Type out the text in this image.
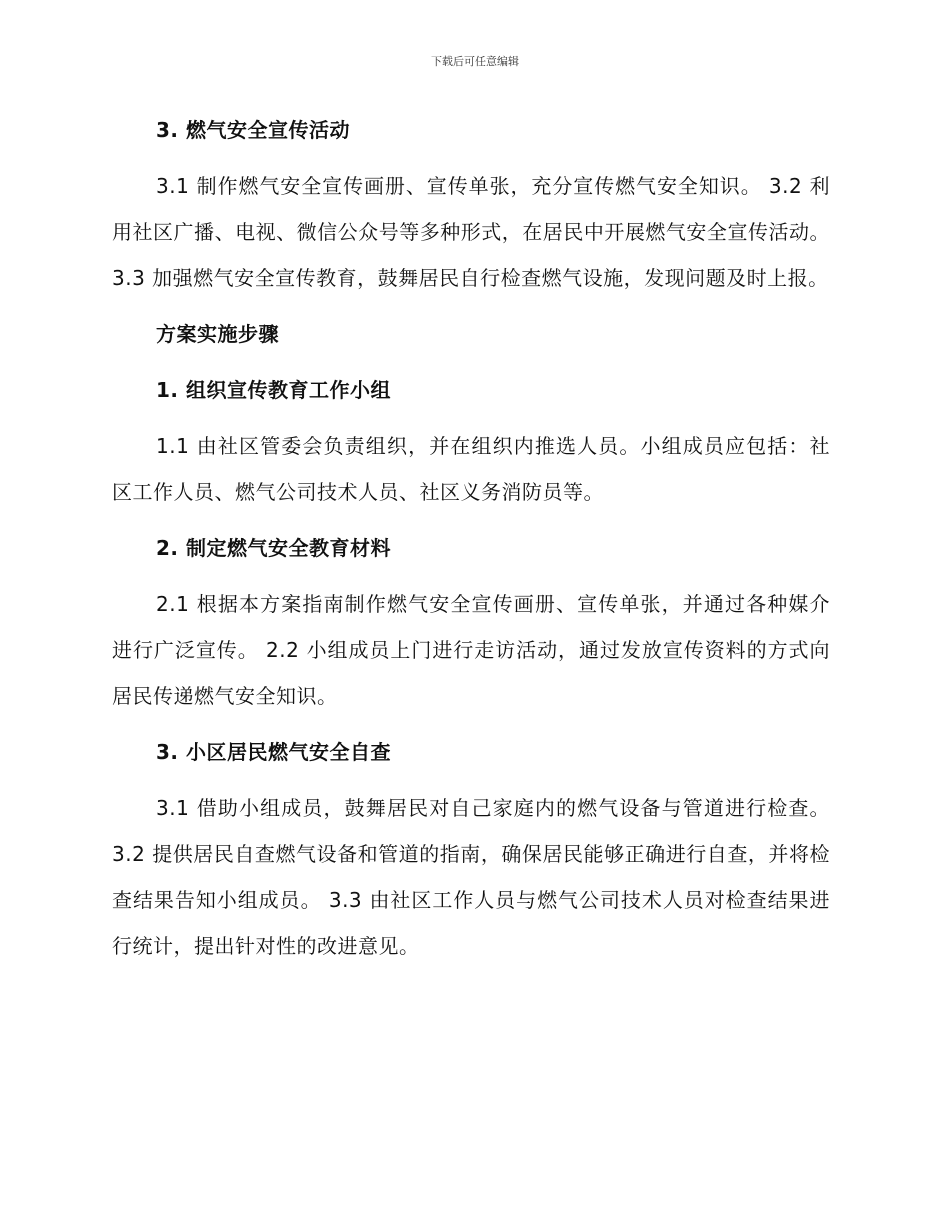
下载后可任意编辑
3. 燃气安全宣传活动

3.1 制作燃气安全宣传画册、宣传单张，充分宣传燃气安全知识。 3.2 利用社区广播、电视、微信公众号等多种形式，在居民中开展燃气安全宣传活动。 3.3 加强燃气安全宣传教育，鼓舞居民自行检查燃气设施，发现问题及时上报。

方案实施步骤
1. 组织宣传教育工作小组

1.1 由社区管委会负责组织，并在组织内推选人员。小组成员应包括：社区工作人员、燃气公司技术人员、社区义务消防员等。

2. 制定燃气安全教育材料

2.1 根据本方案指南制作燃气安全宣传画册、宣传单张，并通过各种媒介进行广泛宣传。 2.2 小组成员上门进行走访活动，通过发放宣传资料的方式向居民传递燃气安全知识。

3. 小区居民燃气安全自查

3.1 借助小组成员，鼓舞居民对自己家庭内的燃气设备与管道进行检查。 3.2 提供居民自查燃气设备和管道的指南，确保居民能够正确进行自查，并将检查结果告知小组成员。 3.3 由社区工作人员与燃气公司技术人员对检查结果进行统计，提出针对性的改进意见。
